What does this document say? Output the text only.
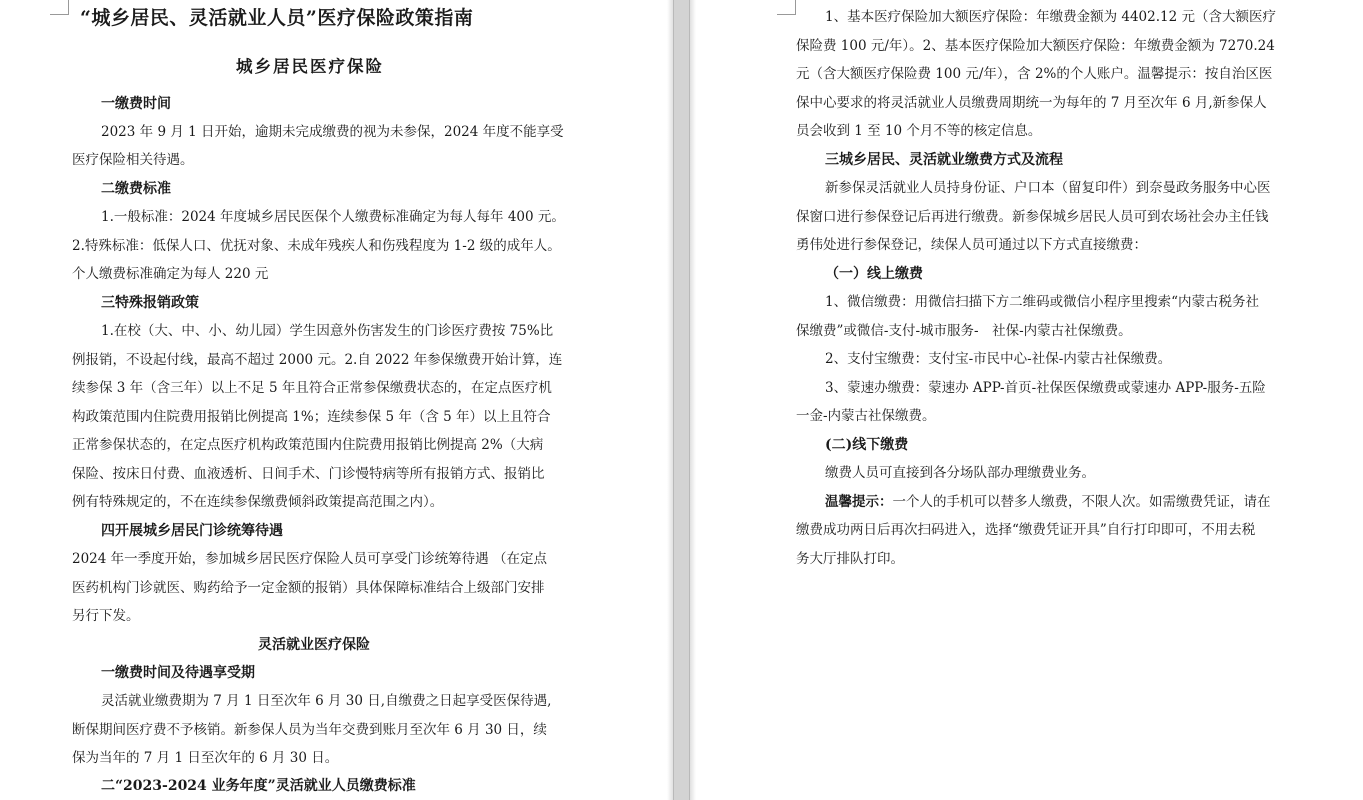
“城乡居民、灵活就业人员”医疗保险政策指南
城乡居民医疗保险
一缴费时间
2023 年 9 月 1 日开始，逾期未完成缴费的视为未参保，2024 年度不能享受
医疗保险相关待遇。
二缴费标准
1.一般标准：2024 年度城乡居民医保个人缴费标准确定为每人每年 400 元。
2.特殊标准：低保人口、优抚对象、未成年残疾人和伤残程度为 1-2 级的成年人。
个人缴费标准确定为每人 220 元
三特殊报销政策
1.在校（大、中、小、幼儿园）学生因意外伤害发生的门诊医疗费按 75%比
例报销，不设起付线，最高不超过 2000 元。2.自 2022 年参保缴费开始计算，连
续参保 3 年（含三年）以上不足 5 年且符合正常参保缴费状态的，在定点医疗机
构政策范围内住院费用报销比例提高 1%；连续参保 5 年（含 5 年）以上且符合
正常参保状态的，在定点医疗机构政策范围内住院费用报销比例提高 2%（大病
保险、按床日付费、血液透析、日间手术、门诊慢特病等所有报销方式、报销比
例有特殊规定的，不在连续参保缴费倾斜政策提高范围之内）。
四开展城乡居民门诊统筹待遇
2024 年一季度开始，参加城乡居民医疗保险人员可享受门诊统筹待遇 （在定点
医药机构门诊就医、购药给予一定金额的报销）具体保障标准结合上级部门安排
另行下发。
灵活就业医疗保险
一缴费时间及待遇享受期
灵活就业缴费期为 7 月 1 日至次年 6 月 30 日,自缴费之日起享受医保待遇,
断保期间医疗费不予核销。新参保人员为当年交费到账月至次年 6 月 30 日，续
保为当年的 7 月 1 日至次年的 6 月 30 日。
二“2023-2024 业务年度”灵活就业人员缴费标准
1、基本医疗保险加大额医疗保险：年缴费金额为 4402.12 元（含大额医疗
保险费 100 元/年）。2、基本医疗保险加大额医疗保险：年缴费金额为 7270.24
元（含大额医疗保险费 100 元/年），含 2%的个人账户。温馨提示：按自治区医
保中心要求的将灵活就业人员缴费周期统一为每年的 7 月至次年 6 月,新参保人
员会收到 1 至 10 个月不等的核定信息。
三城乡居民、灵活就业缴费方式及流程
新参保灵活就业人员持身份证、户口本（留复印件）到奈曼政务服务中心医
保窗口进行参保登记后再进行缴费。新参保城乡居民人员可到农场社会办主任钱
勇伟处进行参保登记，续保人员可通过以下方式直接缴费：
（一）线上缴费
1、微信缴费：用微信扫描下方二维码或微信小程序里搜索“内蒙古税务社
保缴费”或微信-支付-城市服务-　社保-内蒙古社保缴费。
2、支付宝缴费：支付宝-市民中心-社保-内蒙古社保缴费。
3、蒙速办缴费：蒙速办 APP-首页-社保医保缴费或蒙速办 APP-服务-五险
一金-内蒙古社保缴费。
(二)线下缴费
缴费人员可直接到各分场队部办理缴费业务。
温馨提示：一个人的手机可以替多人缴费，不限人次。如需缴费凭证，请在
缴费成功两日后再次扫码进入，选择“缴费凭证开具”自行打印即可，不用去税
务大厅排队打印。
